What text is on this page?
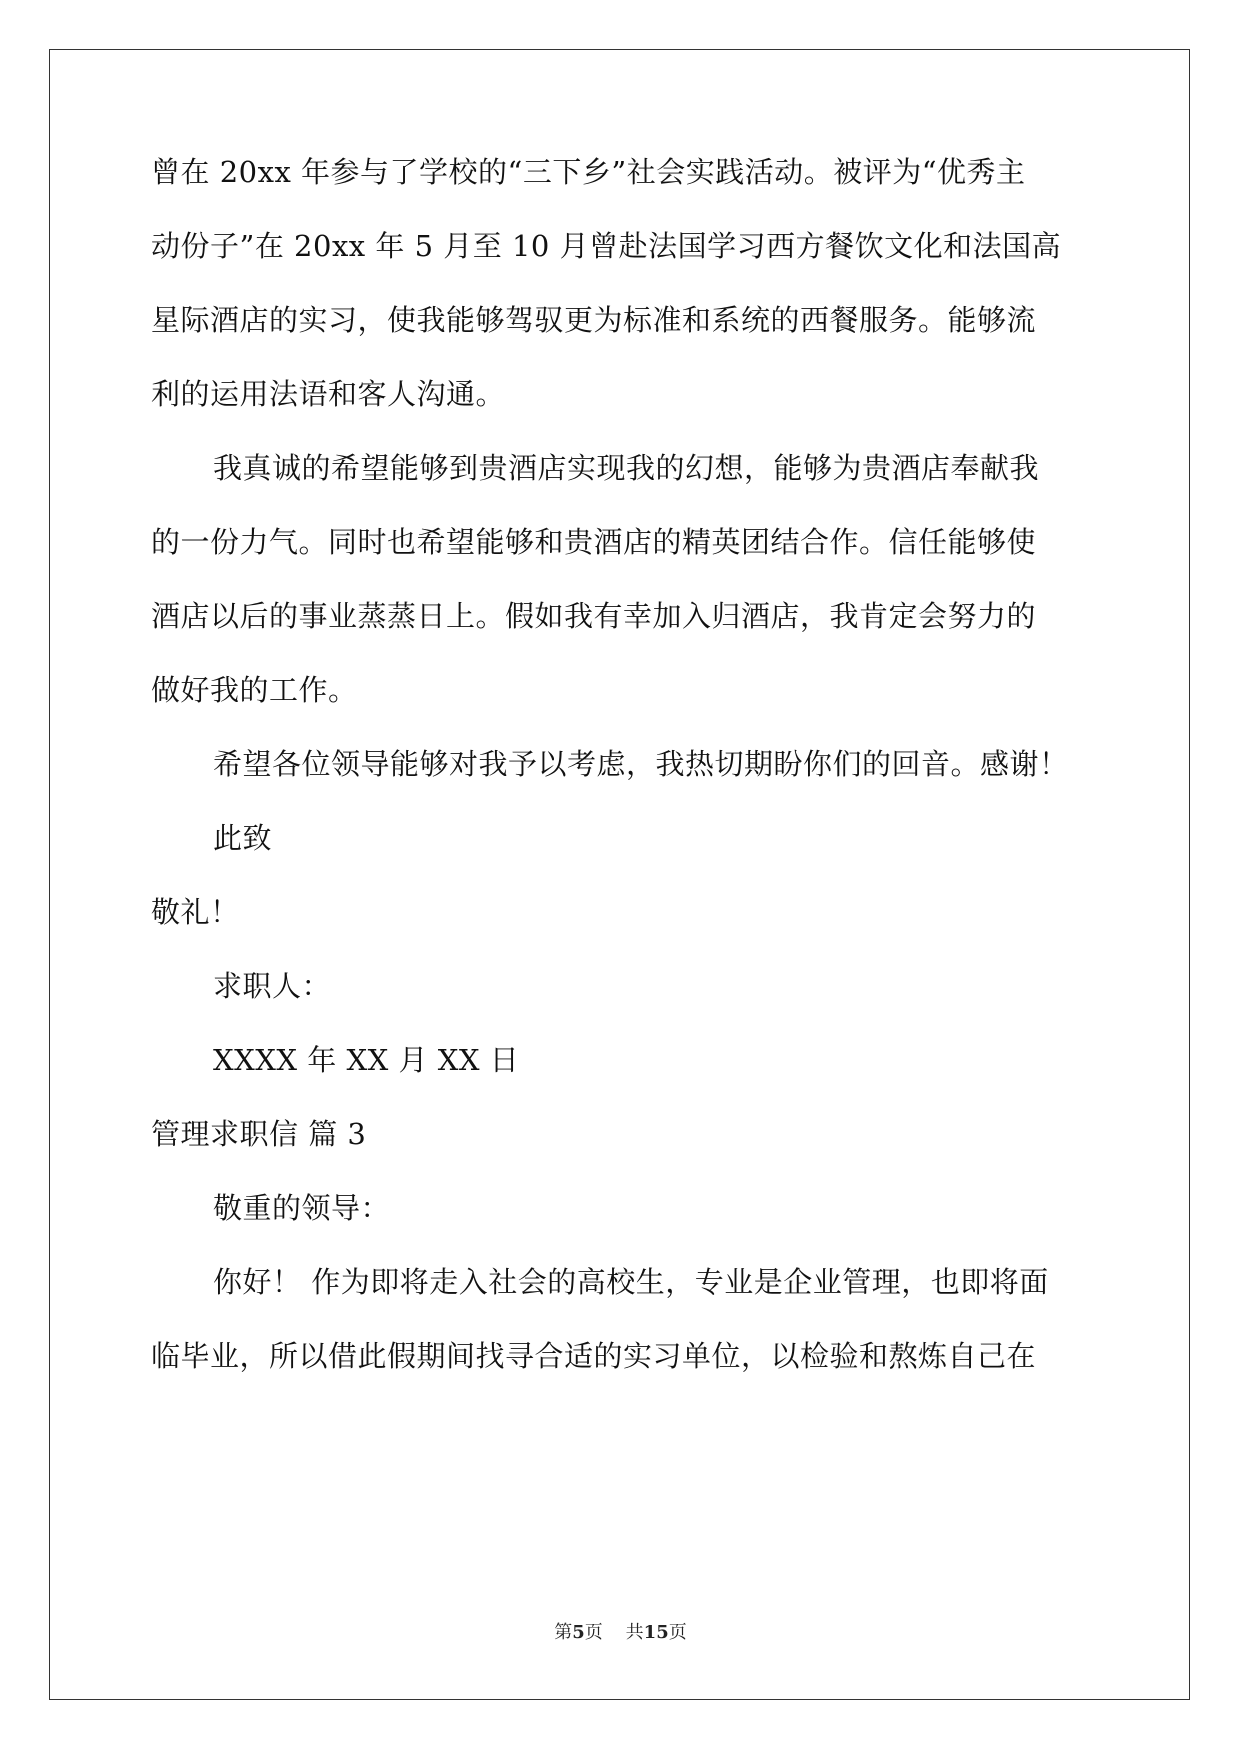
曾在 20xx 年参与了学校的“三下乡”社会实践活动。被评为“优秀主
动份子”在 20xx 年 5 月至 10 月曾赴法国学习西方餐饮文化和法国高
星际酒店的实习，使我能够驾驭更为标准和系统的西餐服务。能够流
利的运用法语和客人沟通。
我真诚的希望能够到贵酒店实现我的幻想，能够为贵酒店奉献我
的一份力气。同时也希望能够和贵酒店的精英团结合作。信任能够使
酒店以后的事业蒸蒸日上。假如我有幸加入归酒店，我肯定会努力的
做好我的工作。
希望各位领导能够对我予以考虑，我热切期盼你们的回音。感谢！
此致
敬礼！
求职人：
XXXX 年 XX 月 XX 日
管理求职信 篇 3
敬重的领导：
你好！ 作为即将走入社会的高校生，专业是企业管理，也即将面
临毕业，所以借此假期间找寻合适的实习单位，以检验和熬炼自己在
第5页    共15页
